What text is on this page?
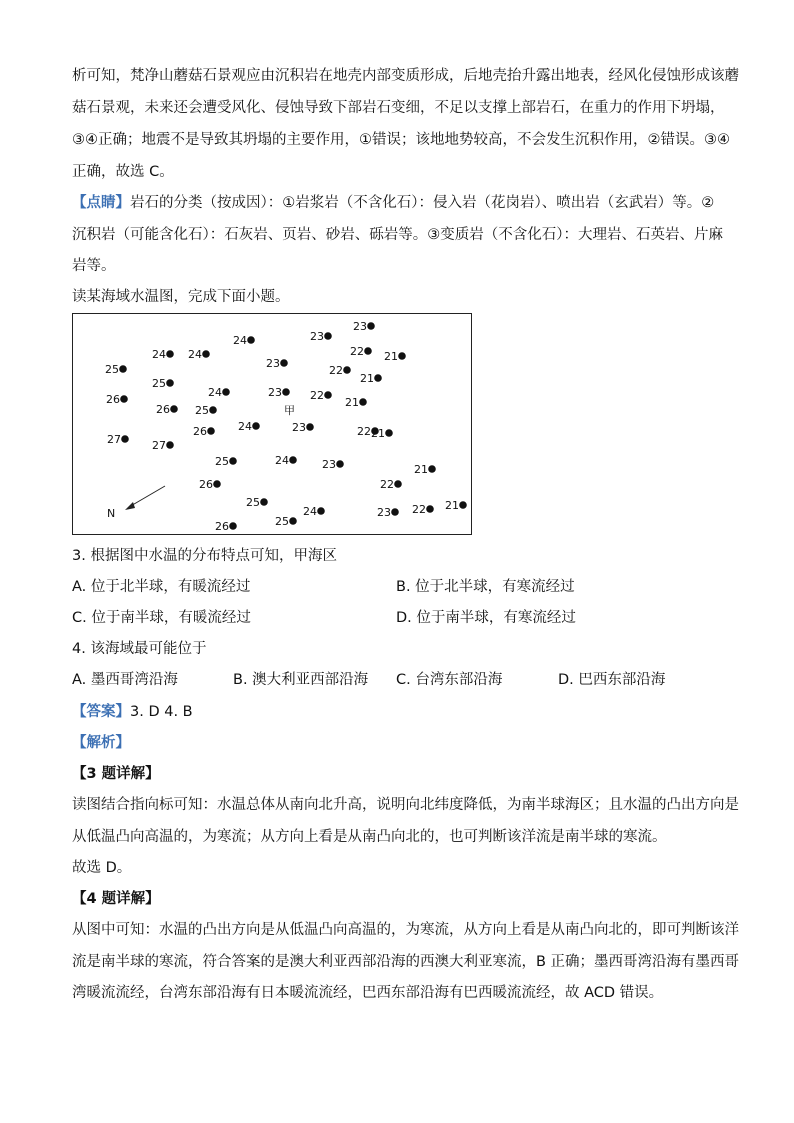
析可知，梵净山蘑菇石景观应由沉积岩在地壳内部变质形成，后地壳抬升露出地表，经风化侵蚀形成该蘑
菇石景观，未来还会遭受风化、侵蚀导致下部岩石变细，不足以支撑上部岩石，在重力的作用下坍塌，
③④正确；地震不是导致其坍塌的主要作用，①错误；该地地势较高，不会发生沉积作用，②错误。③④
正确，故选 C。
【点睛】岩石的分类（按成因）：①岩浆岩（不含化石）：侵入岩（花岗岩）、喷出岩（玄武岩）等。②
沉积岩（可能含化石）：石灰岩、页岩、砂岩、砾岩等。③变质岩（不含化石）：大理岩、石英岩、片麻
岩等。
读某海域水温图，完成下面小题。
23
23
24
22
24	21
23
24
22
25
21
25
24	23	22
26	21
26 25
24	23
26	22 21
27	27
25	24	23	21
26	22
25
24	23 22 21
25
26
甲
N
3. 根据图中水温的分布特点可知，甲海区
A. 位于北半球，有暖流经过	B. 位于北半球，有寒流经过
C. 位于南半球，有暖流经过	D. 位于南半球，有寒流经过
4. 该海域最可能位于
A. 墨西哥湾沿海	B. 澳大利亚西部沿海 C. 台湾东部沿海	D. 巴西东部沿海
【答案】3. D 4. B
【解析】
【3 题详解】
读图结合指向标可知：水温总体从南向北升高，说明向北纬度降低，为南半球海区；且水温的凸出方向是
从低温凸向高温的，为寒流；从方向上看是从南凸向北的，也可判断该洋流是南半球的寒流。
故选 D。
【4 题详解】
从图中可知：水温的凸出方向是从低温凸向高温的，为寒流，从方向上看是从南凸向北的，即可判断该洋
流是南半球的寒流，符合答案的是澳大利亚西部沿海的西澳大利亚寒流，B 正确；墨西哥湾沿海有墨西哥
湾暖流流经，台湾东部沿海有日本暖流流经，巴西东部沿海有巴西暖流流经，故 ACD 错误。
